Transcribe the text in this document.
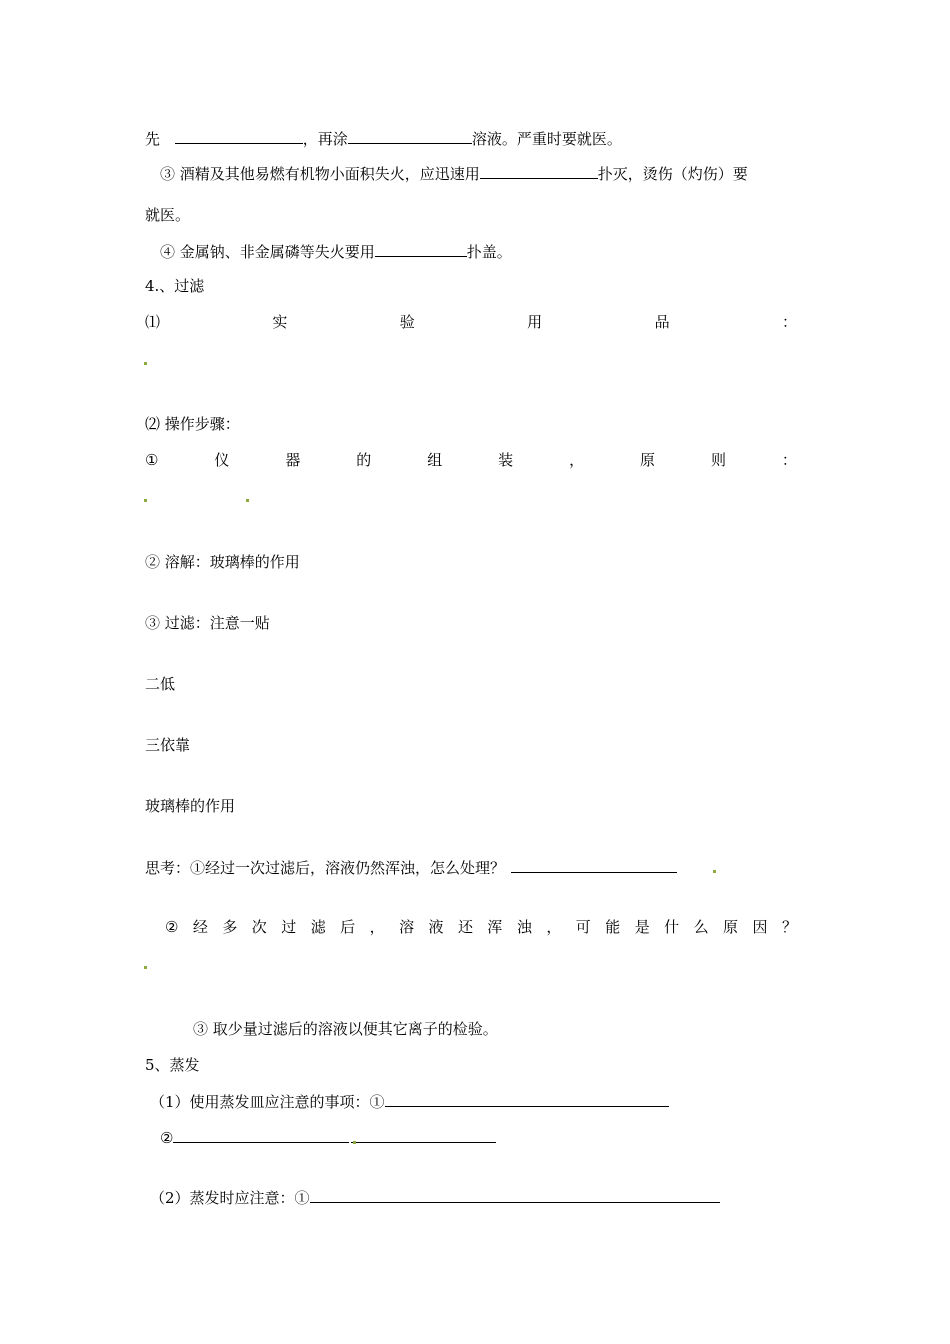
先	，再涂	溶液。严重时要就医。
③ 酒精及其他易燃有机物小面积失火，应迅速用	扑灭，烫伤（灼伤）要
就医。
④ 金属钠、非金属磷等失火要用	扑盖。
4.、过滤
⑴	实	验	用	品	：
⑵ 操作步骤：
①	仪	器	的	组	装	，	原	则	：
② 溶解：玻璃棒的作用
③ 过滤：注意一贴
二低
三依靠
玻璃棒的作用
思考：①经过一次过滤后，溶液仍然浑浊，怎么处理？
② 经 多 次 过 滤 后 ， 溶 液 还 浑 浊 ， 可 能 是 什 么 原 因 ？
③ 取少量过滤后的溶液以便其它离子的检验。
5、蒸发
（1）使用蒸发皿应注意的事项：①
②
（2）蒸发时应注意：①
